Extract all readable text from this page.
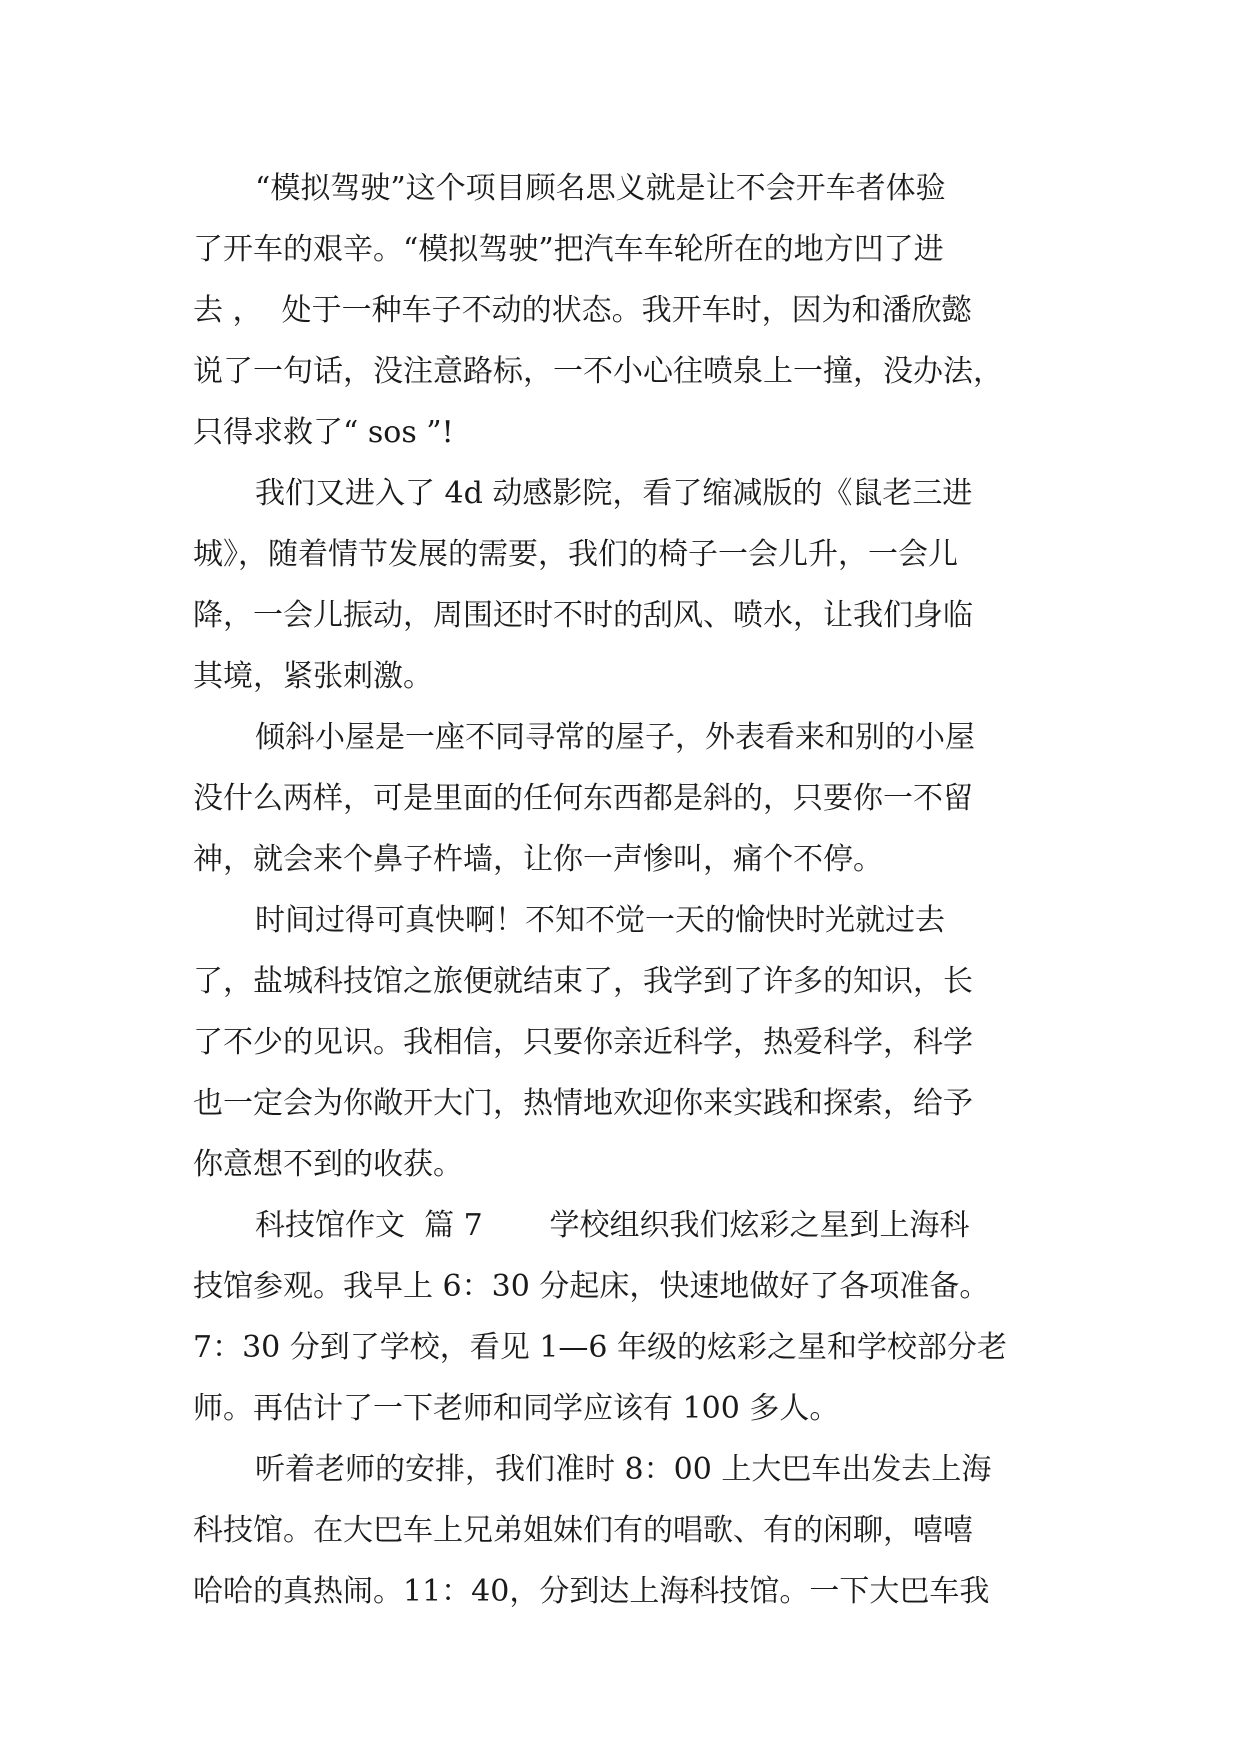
“模拟驾驶”这个项目顾名思义就是让不会开车者体验
了开车的艰辛。“模拟驾驶”把汽车车轮所在的地方凹了进
去 ，  处于一种车子不动的状态。我开车时，因为和潘欣懿
说了一句话，没注意路标，一不小心往喷泉上一撞，没办法，
只得求救了“ sos ”!
我们又进入了 4d 动感影院，看了缩减版的《鼠老三进
城》，随着情节发展的需要，我们的椅子一会儿升，一会儿
降，一会儿振动，周围还时不时的刮风、喷水，让我们身临
其境，紧张刺激。
倾斜小屋是一座不同寻常的屋子，外表看来和别的小屋
没什么两样，可是里面的任何东西都是斜的，只要你一不留
神，就会来个鼻子杵墙，让你一声惨叫，痛个不停。
时间过得可真快啊！不知不觉一天的愉快时光就过去
了，盐城科技馆之旅便就结束了，我学到了许多的知识，长
了不少的见识。我相信，只要你亲近科学，热爱科学，科学
也一定会为你敞开大门，热情地欢迎你来实践和探索，给予
你意想不到的收获。
科技馆作文  篇 7       学校组织我们炫彩之星到上海科
技馆参观。我早上 6：30 分起床，快速地做好了各项准备。
7：30 分到了学校，看见 1—6 年级的炫彩之星和学校部分老
师。再估计了一下老师和同学应该有 100 多人。
听着老师的安排，我们准时 8：00 上大巴车出发去上海
科技馆。在大巴车上兄弟姐妹们有的唱歌、有的闲聊，嘻嘻
哈哈的真热闹。11：40，分到达上海科技馆。一下大巴车我
